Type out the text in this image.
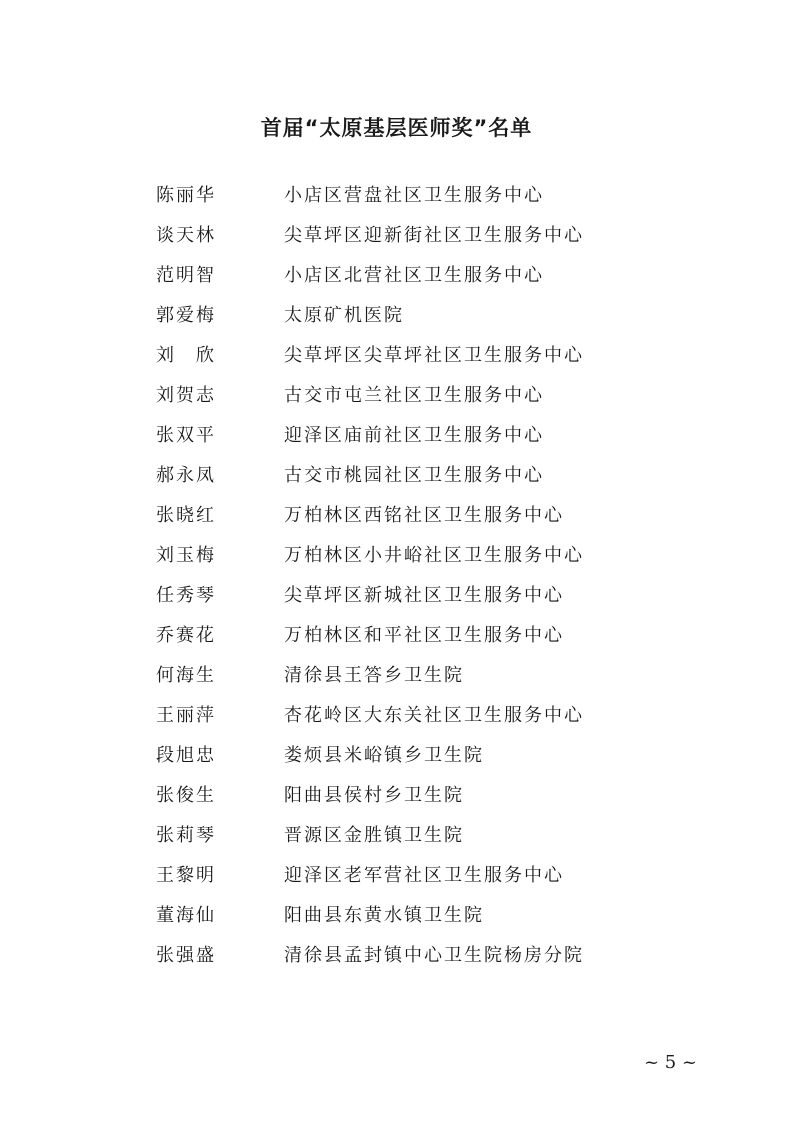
首届“太原基层医师奖”名单
陈丽华	小店区营盘社区卫生服务中心
谈天林	尖草坪区迎新街社区卫生服务中心
范明智	小店区北营社区卫生服务中心
郭爱梅	太原矿机医院
刘　欣	尖草坪区尖草坪社区卫生服务中心
刘贺志	古交市屯兰社区卫生服务中心
张双平	迎泽区庙前社区卫生服务中心
郝永凤	古交市桃园社区卫生服务中心
张晓红	万柏林区西铭社区卫生服务中心
刘玉梅	万柏林区小井峪社区卫生服务中心
任秀琴	尖草坪区新城社区卫生服务中心
乔赛花	万柏林区和平社区卫生服务中心
何海生	清徐县王答乡卫生院
王丽萍	杏花岭区大东关社区卫生服务中心
段旭忠	娄烦县米峪镇乡卫生院
张俊生	阳曲县侯村乡卫生院
张莉琴	晋源区金胜镇卫生院
王黎明	迎泽区老军营社区卫生服务中心
董海仙	阳曲县东黄水镇卫生院
张强盛	清徐县孟封镇中心卫生院杨房分院
~ 5 ~
